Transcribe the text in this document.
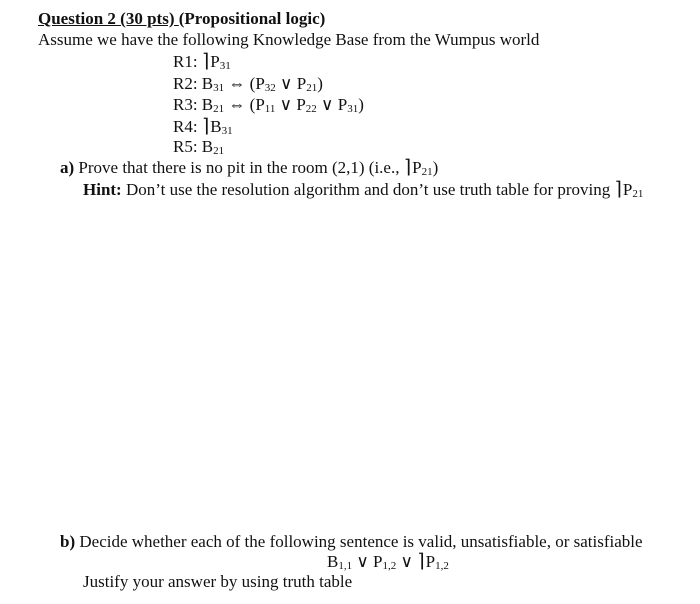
Question 2 (30 pts) (Propositional logic)
Assume we have the following Knowledge Base from the Wumpus world
R1: $⌉P_{31}$
R2: $B_{31}$ ⇔ ($P_{32}$ ∨ $P_{21}$)
R3: $B_{21}$ ⇔ ($P_{11}$ ∨ $P_{22}$ ∨ $P_{31}$)
R4: $⌉B_{31}$
R5: $B_{21}$
a) Prove that there is no pit in the room (2,1) (i.e., $⌉P_{21}$)
Hint: Don’t use the resolution algorithm and don’t use truth table for proving $⌉P_{21}$
b) Decide whether each of the following sentence is valid, unsatisfiable, or satisfiable
$B_{1,1}$ ∨ $P_{1,2}$ ∨ $⌉P_{1,2}$
Justify your answer by using truth table
